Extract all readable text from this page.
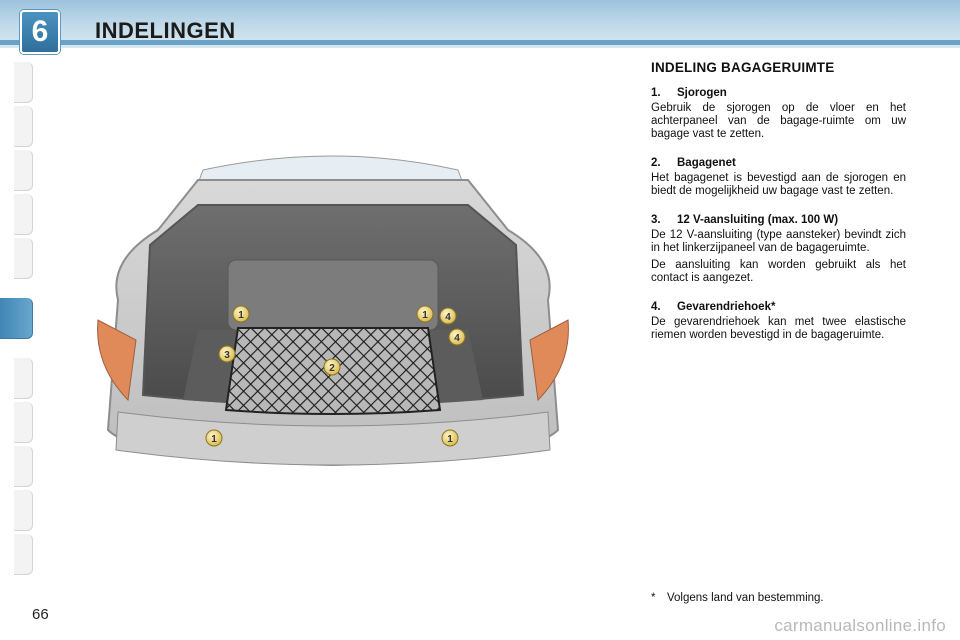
6	INDELINGEN
1	1
1	1
2
3
4
4
INDELING BAGAGERUIMTE
1. Sjorogen

Gebruik de sjorogen op de vloer en het achterpaneel van de bagage-ruimte om uw bagage vast te zetten.

2. Bagagenet

Het bagagenet is bevestigd aan de sjorogen en biedt de mogelijkheid uw bagage vast te zetten.

3. 12 V-aansluiting (max. 100 W)

De 12 V-aansluiting (type aansteker) bevindt zich in het linkerzijpaneel van de bagageruimte.

De aansluiting kan worden gebruikt als het contact is aangezet.

4. Gevarendriehoek*

De gevarendriehoek kan met twee elastische riemen worden bevestigd in de bagageruimte.

* Volgens land van bestemming.
66
carmanualsonline.info
